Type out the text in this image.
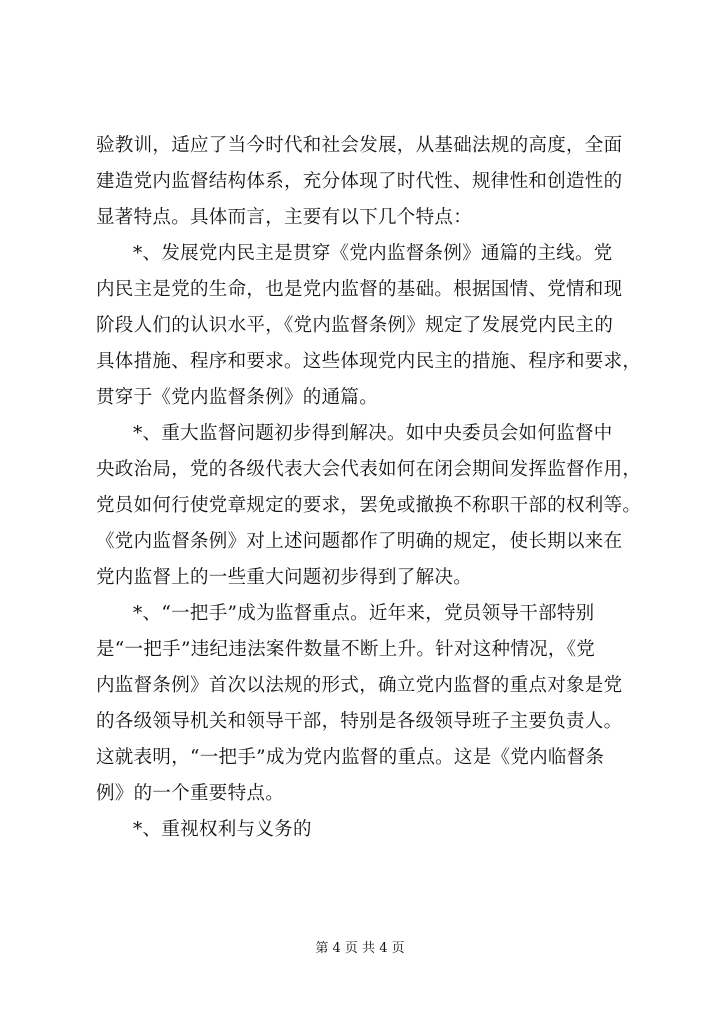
验教训，适应了当今时代和社会发展，从基础法规的高度，全面
建造党内监督结构体系，充分体现了时代性、规律性和创造性的
显著特点。具体而言，主要有以下几个特点：
*、发展党内民主是贯穿《党内监督条例》通篇的主线。党
内民主是党的生命，也是党内监督的基础。根据国情、党情和现
阶段人们的认识水平，《党内监督条例》规定了发展党内民主的
具体措施、程序和要求。这些体现党内民主的措施、程序和要求，
贯穿于《党内监督条例》的通篇。
*、重大监督问题初步得到解决。如中央委员会如何监督中
央政治局，党的各级代表大会代表如何在闭会期间发挥监督作用，
党员如何行使党章规定的要求，罢免或撤换不称职干部的权利等。
《党内监督条例》对上述问题都作了明确的规定，使长期以来在
党内监督上的一些重大问题初步得到了解决。
*、“一把手”成为监督重点。近年来，党员领导干部特别
是“一把手”违纪违法案件数量不断上升。针对这种情况，《党
内监督条例》首次以法规的形式，确立党内监督的重点对象是党
的各级领导机关和领导干部，特别是各级领导班子主要负责人。
这就表明，“一把手”成为党内监督的重点。这是《党内临督条
例》的一个重要特点。
*、重视权利与义务的
第 4 页 共 4 页
